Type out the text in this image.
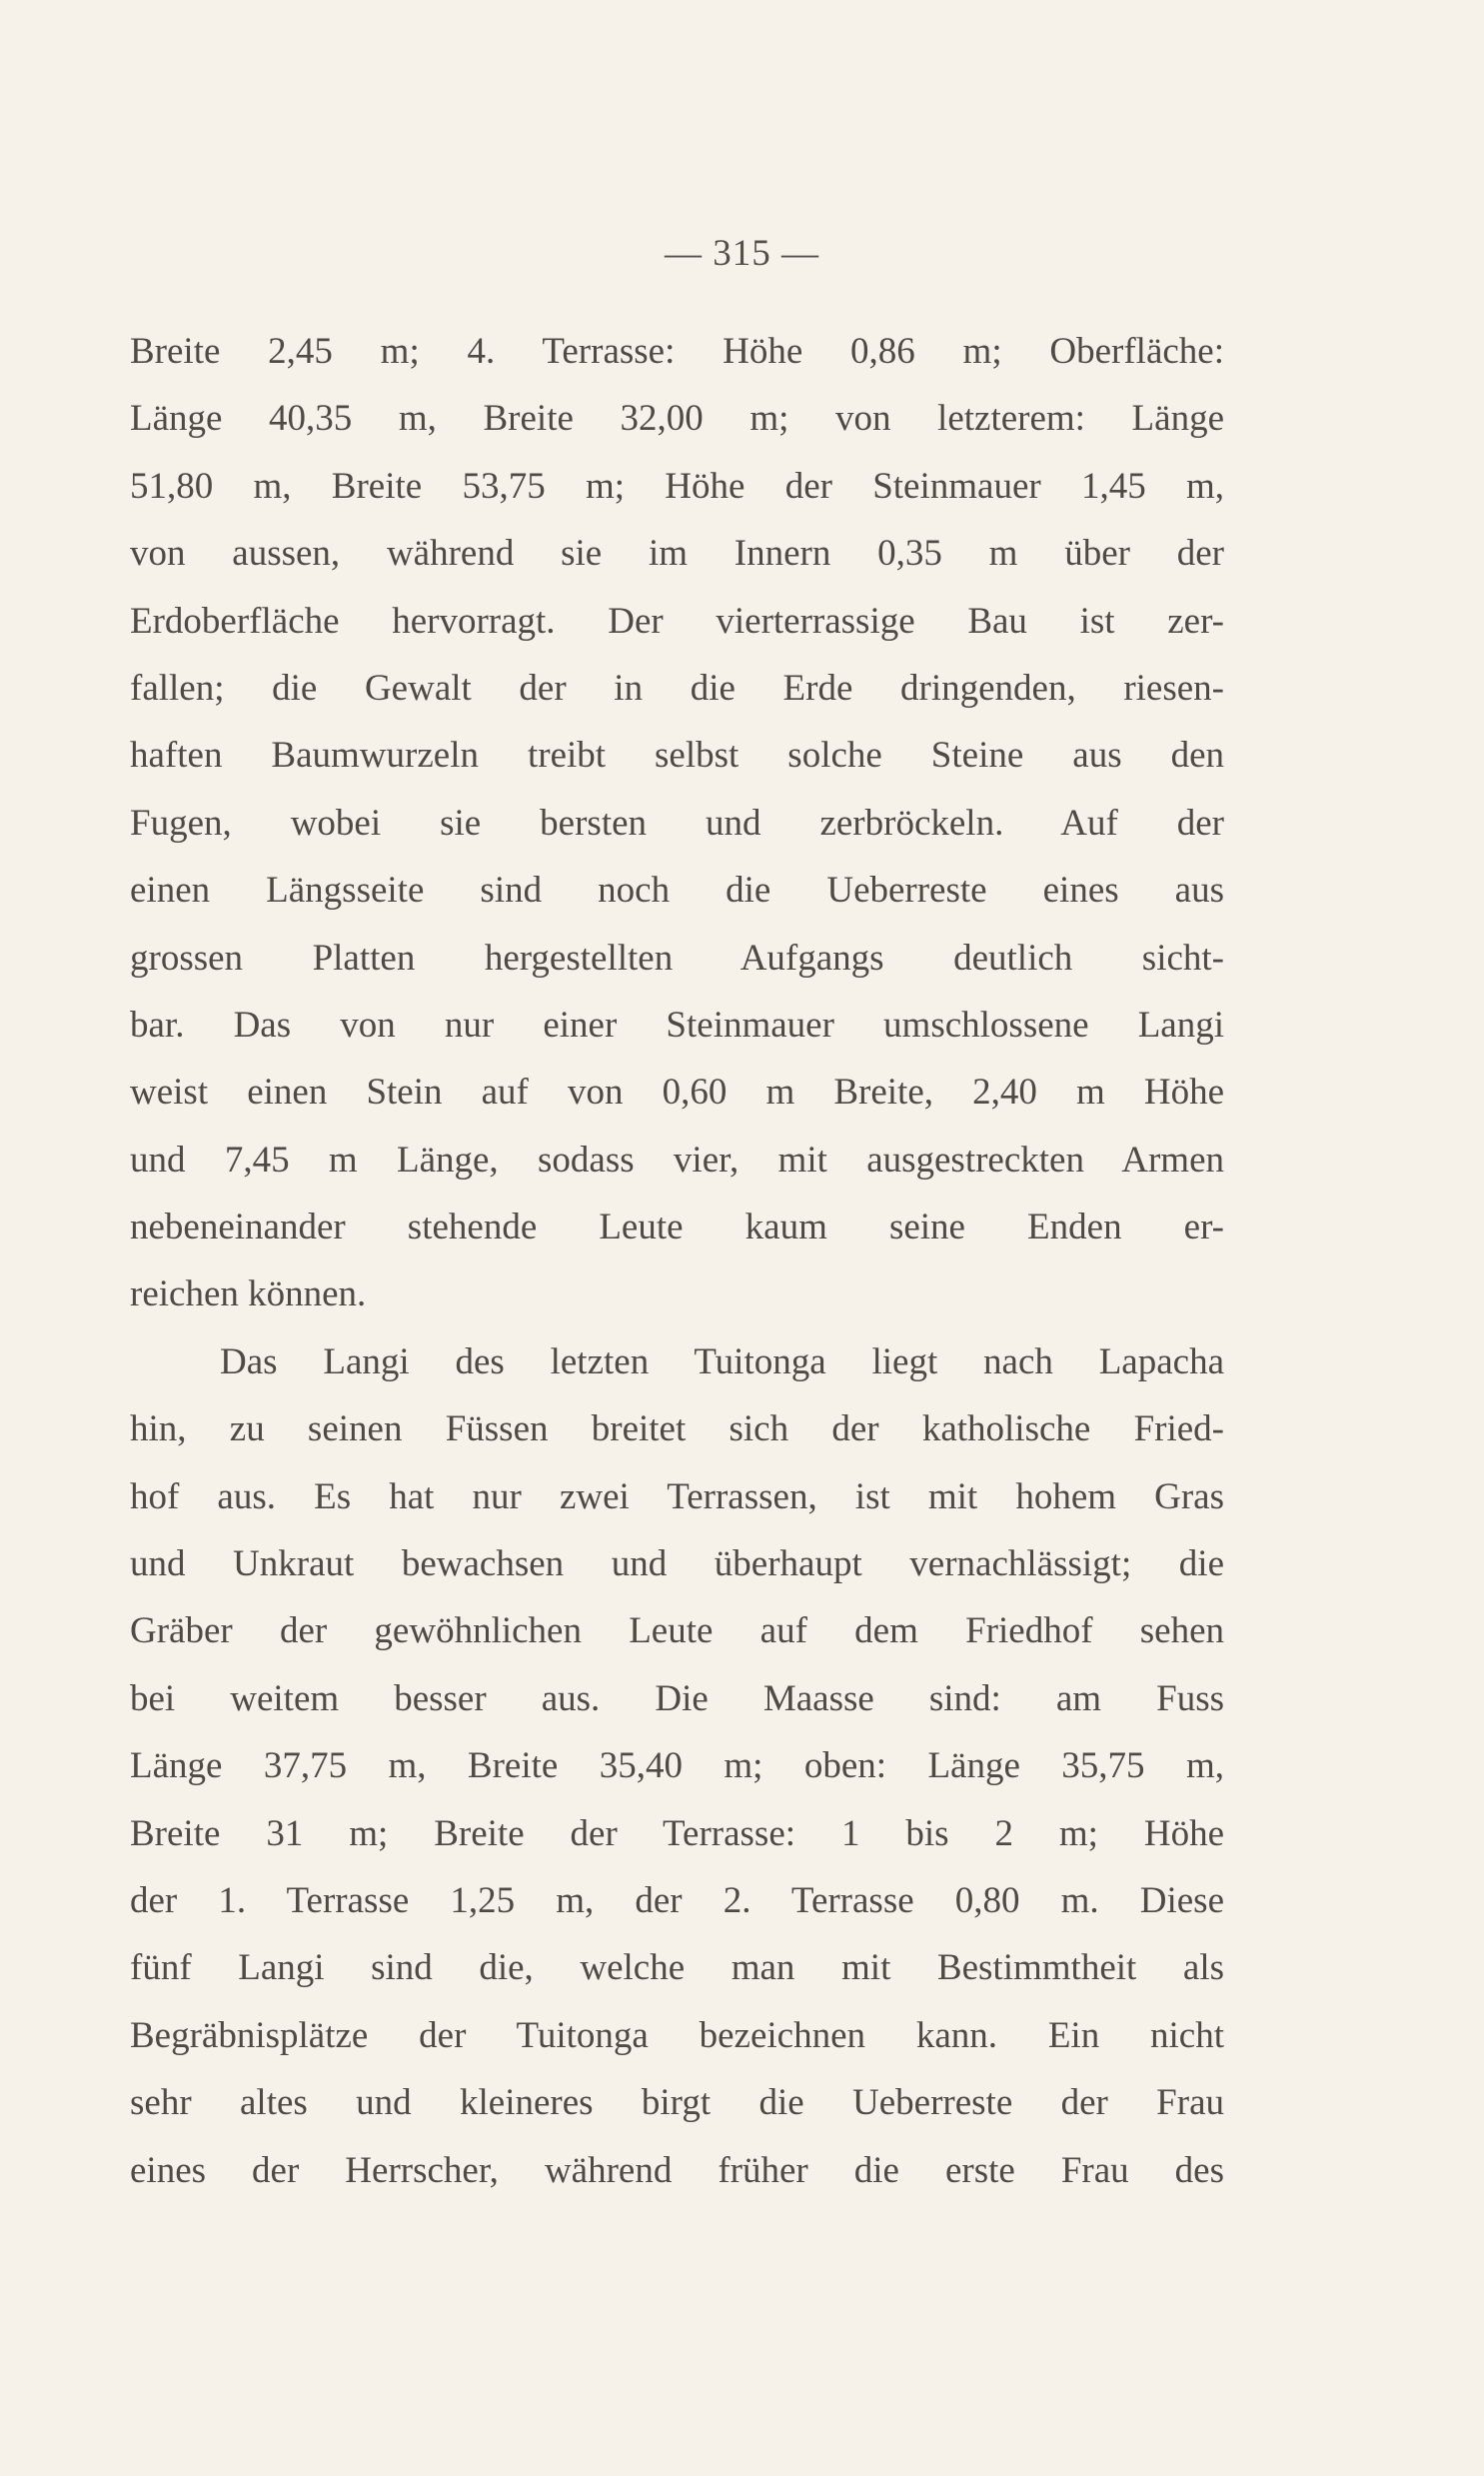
— 315 —
Breite 2,45 m; 4. Terrasse: Höhe 0,86 m; Oberfläche:
Länge 40,35 m, Breite 32,00 m; von letzterem: Länge
51,80 m, Breite 53,75 m; Höhe der Steinmauer 1,45 m,
von aussen, während sie im Innern 0,35 m über der
Erdoberfläche hervorragt. Der vierterrassige Bau ist zer-
fallen; die Gewalt der in die Erde dringenden, riesen-
haften Baumwurzeln treibt selbst solche Steine aus den
Fugen, wobei sie bersten und zerbröckeln. Auf der
einen Längsseite sind noch die Ueberreste eines aus
grossen Platten hergestellten Aufgangs deutlich sicht-
bar. Das von nur einer Steinmauer umschlossene Langi
weist einen Stein auf von 0,60 m Breite, 2,40 m Höhe
und 7,45 m Länge, sodass vier, mit ausgestreckten Armen
nebeneinander stehende Leute kaum seine Enden er-
reichen können.
Das Langi des letzten Tuitonga liegt nach Lapacha
hin, zu seinen Füssen breitet sich der katholische Fried-
hof aus. Es hat nur zwei Terrassen, ist mit hohem Gras
und Unkraut bewachsen und überhaupt vernachlässigt; die
Gräber der gewöhnlichen Leute auf dem Friedhof sehen
bei weitem besser aus. Die Maasse sind: am Fuss
Länge 37,75 m, Breite 35,40 m; oben: Länge 35,75 m,
Breite 31 m; Breite der Terrasse: 1 bis 2 m; Höhe
der 1. Terrasse 1,25 m, der 2. Terrasse 0,80 m. Diese
fünf Langi sind die, welche man mit Bestimmtheit als
Begräbnisplätze der Tuitonga bezeichnen kann. Ein nicht
sehr altes und kleineres birgt die Ueberreste der Frau
eines der Herrscher, während früher die erste Frau des
